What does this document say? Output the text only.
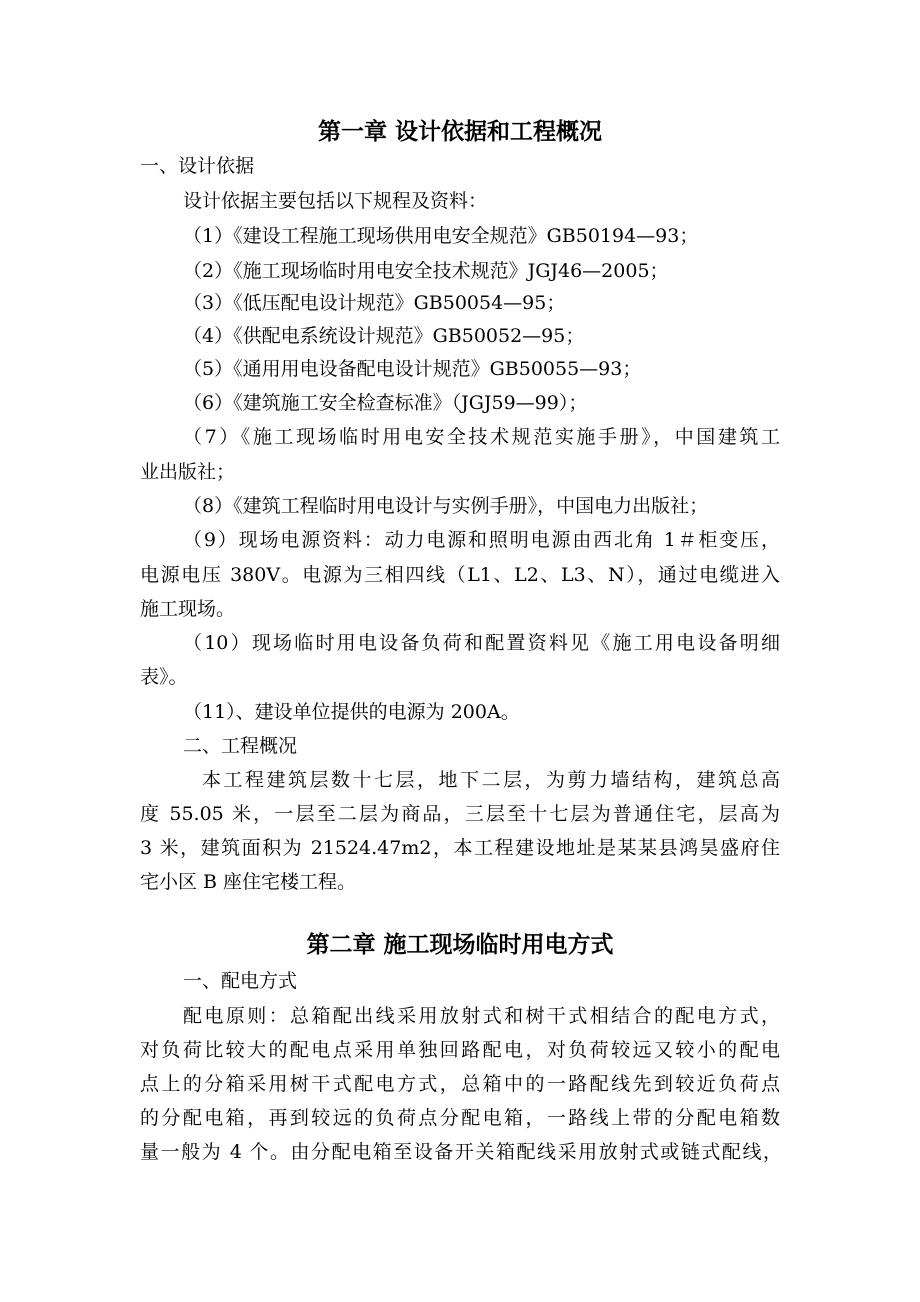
第一章 设计依据和工程概况
一、设计依据
设计依据主要包括以下规程及资料：
（1）《建设工程施工现场供用电安全规范》GB50194—93；
（2）《施工现场临时用电安全技术规范》JGJ46—2005；
（3）《低压配电设计规范》GB50054—95；
（4）《供配电系统设计规范》GB50052—95；
（5）《通用用电设备配电设计规范》GB50055—93；
（6）《建筑施工安全检查标准》（JGJ59—99）；
（7）《施工现场临时用电安全技术规范实施手册》，中国建筑工
业出版社；
（8）《建筑工程临时用电设计与实例手册》，中国电力出版社；
（9）现场电源资料：动力电源和照明电源由西北角 1＃柜变压，
电源电压 380V。电源为三相四线（L1、L2、L3、N），通过电缆进入
施工现场。
（10）现场临时用电设备负荷和配置资料见《施工用电设备明细
表》。
（11）、建设单位提供的电源为 200A。
二、工程概况
本工程建筑层数十七层，地下二层，为剪力墙结构，建筑总高
度 55.05 米，一层至二层为商品，三层至十七层为普通住宅，层高为
3 米，建筑面积为 21524.47m2，本工程建设地址是某某县鸿昊盛府住
宅小区 B 座住宅楼工程。
第二章 施工现场临时用电方式
一、配电方式
配电原则：总箱配出线采用放射式和树干式相结合的配电方式，
对负荷比较大的配电点采用单独回路配电，对负荷较远又较小的配电
点上的分箱采用树干式配电方式，总箱中的一路配线先到较近负荷点
的分配电箱，再到较远的负荷点分配电箱，一路线上带的分配电箱数
量一般为 4 个。由分配电箱至设备开关箱配线采用放射式或链式配线，
